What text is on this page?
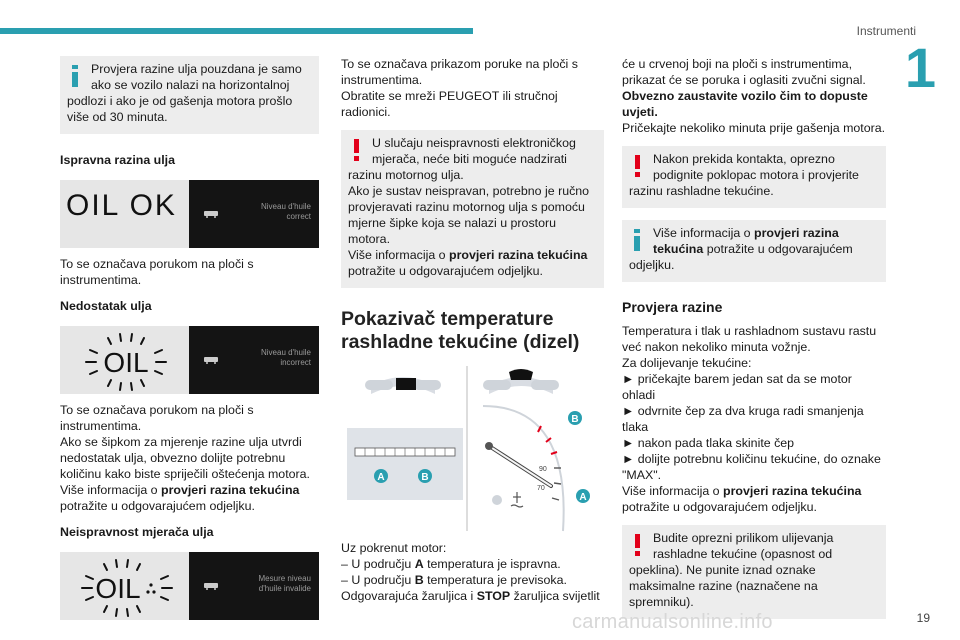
Instrumenti
1
Provjera razine ulja pouzdana je samo
ako se vozilo nalazi na horizontalnoj
podlozi i ako je od gašenja motora prošlo više od 30 minuta.
Ispravna razina ulja
OIL OK	Niveau d'huile
correct

To se označava porukom na ploči s instrumentima.

Nedostatak ulja
OIL	Niveau d'huile
incorrect

To se označava porukom na ploči s instrumentima.

Ako se šipkom za mjerenje razine ulja utvrdi nedostatak ulja, obvezno dolijte potrebnu količinu kako biste spriječili oštećenja motora.

Više informacija o provjeri razina tekućina potražite u odgovarajućem odjeljku.

Neispravnost mjerača ulja
OIL	Mesure niveau
d'huile invalide

To se označava prikazom poruke na ploči s instrumentima.

Obratite se mreži PEUGEOT ili stručnoj radionici.

U slučaju neispravnosti elektroničkog
mjerača, neće biti moguće nadzirati
razinu motornog ulja.
Ako je sustav neispravan, potrebno je ručno provjeravati razinu motornog ulja s pomoću mjerne šipke koja se nalazi u prostoru motora.
Više informacija o provjeri razina tekućina potražite u odgovarajućem odjeljku.
Pokazivač temperature rashladne tekućine (dizel)
A	B
90
70
B
A

Uz pokrenut motor:

– U području A temperatura je ispravna.

– U području B temperatura je previsoka.

Odgovarajuća žaruljica i STOP žaruljica svijetlit

će u crvenoj boji na ploči s instrumentima, prikazat će se poruka i oglasiti zvučni signal.

Obvezno zaustavite vozilo čim to dopuste uvjeti.

Pričekajte nekoliko minuta prije gašenja motora.

Nakon prekida kontakta, oprezno
podignite poklopac motora i provjerite
razinu rashladne tekućine.
Više informacija o provjeri razina
tekućina potražite u odgovarajućem
odjeljku.
Provjera razine

Temperatura i tlak u rashladnom sustavu rastu već nakon nekoliko minuta vožnje.

Za dolijevanje tekućine:

► pričekajte barem jedan sat da se motor ohladi

► odvrnite čep za dva kruga radi smanjenja tlaka

► nakon pada tlaka skinite čep

► dolijte potrebnu količinu tekućine, do oznake "MAX".

Više informacija o provjeri razina tekućina potražite u odgovarajućem odjeljku.

Budite oprezni prilikom ulijevanja
rashladne tekućine (opasnost od
opeklina). Ne punite iznad oznake maksimalne razine (naznačene na spremniku).
carmanualsonline.info	19
